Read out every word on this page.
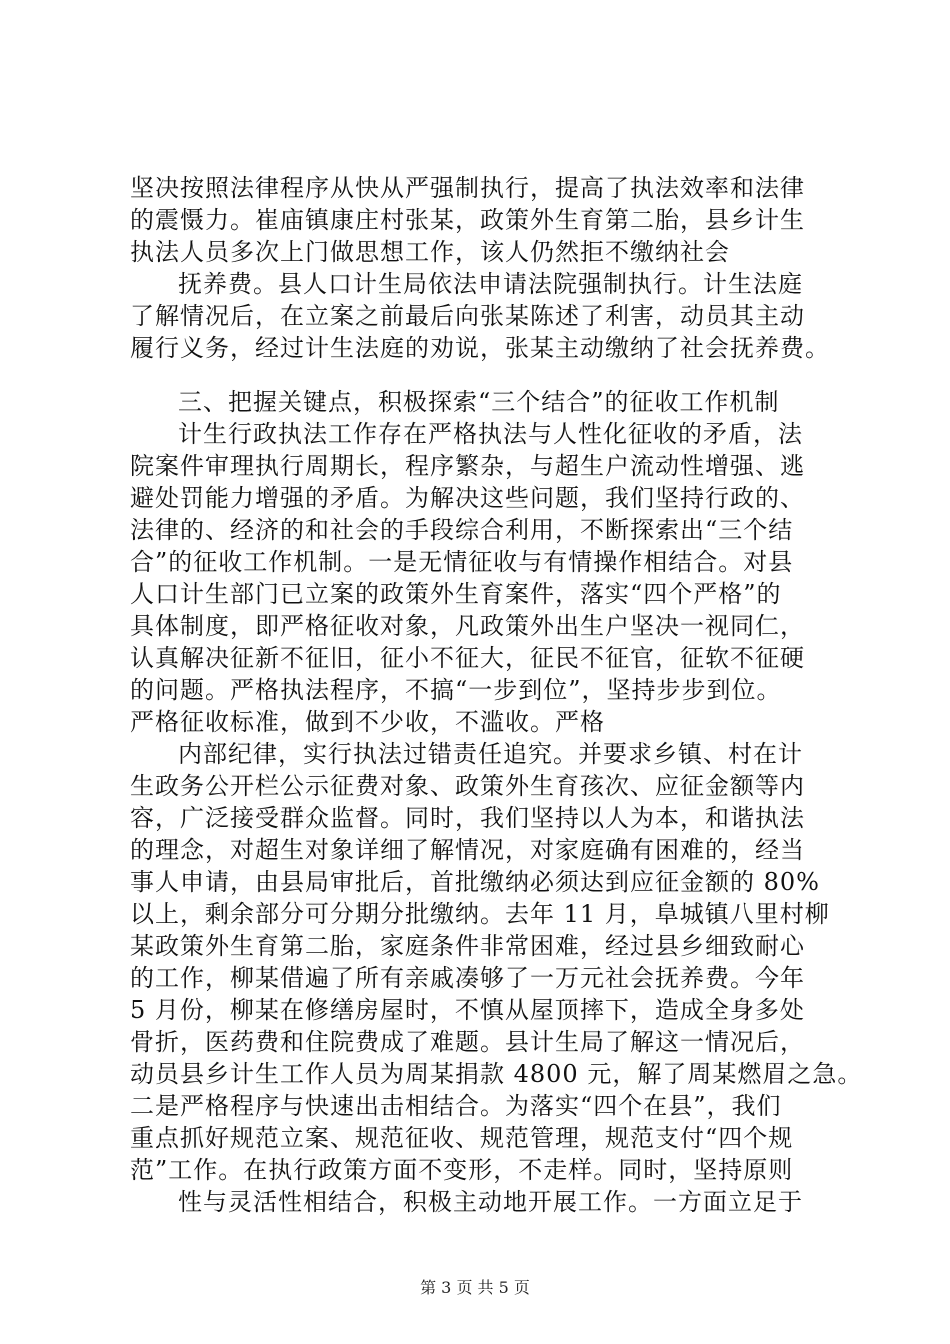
坚决按照法律程序从快从严强制执行，提高了执法效率和法律
的震慑力。崔庙镇康庄村张某，政策外生育第二胎，县乡计生
执法人员多次上门做思想工作，该人仍然拒不缴纳社会
抚养费。县人口计生局依法申请法院强制执行。计生法庭
了解情况后，在立案之前最后向张某陈述了利害，动员其主动
履行义务，经过计生法庭的劝说，张某主动缴纳了社会抚养费。
三、把握关键点，积极探索“三个结合”的征收工作机制
计生行政执法工作存在严格执法与人性化征收的矛盾，法
院案件审理执行周期长，程序繁杂，与超生户流动性增强、逃
避处罚能力增强的矛盾。为解决这些问题，我们坚持行政的、
法律的、经济的和社会的手段综合利用，不断探索出“三个结
合”的征收工作机制。一是无情征收与有情操作相结合。对县
人口计生部门已立案的政策外生育案件，落实“四个严格”的
具体制度，即严格征收对象，凡政策外出生户坚决一视同仁，
认真解决征新不征旧，征小不征大，征民不征官，征软不征硬
的问题。严格执法程序，不搞“一步到位”，坚持步步到位。
严格征收标准，做到不少收，不滥收。严格
内部纪律，实行执法过错责任追究。并要求乡镇、村在计
生政务公开栏公示征费对象、政策外生育孩次、应征金额等内
容，广泛接受群众监督。同时，我们坚持以人为本，和谐执法
的理念，对超生对象详细了解情况，对家庭确有困难的，经当
事人申请，由县局审批后，首批缴纳必须达到应征金额的 80%
以上，剩余部分可分期分批缴纳。去年 11 月，阜城镇八里村柳
某政策外生育第二胎，家庭条件非常困难，经过县乡细致耐心
的工作，柳某借遍了所有亲戚凑够了一万元社会抚养费。今年
5 月份，柳某在修缮房屋时，不慎从屋顶摔下，造成全身多处
骨折，医药费和住院费成了难题。县计生局了解这一情况后，
动员县乡计生工作人员为周某捐款 4800 元，解了周某燃眉之急。
二是严格程序与快速出击相结合。为落实“四个在县”，我们
重点抓好规范立案、规范征收、规范管理，规范支付“四个规
范”工作。在执行政策方面不变形，不走样。同时，坚持原则
性与灵活性相结合，积极主动地开展工作。一方面立足于
第 3 页 共 5 页
